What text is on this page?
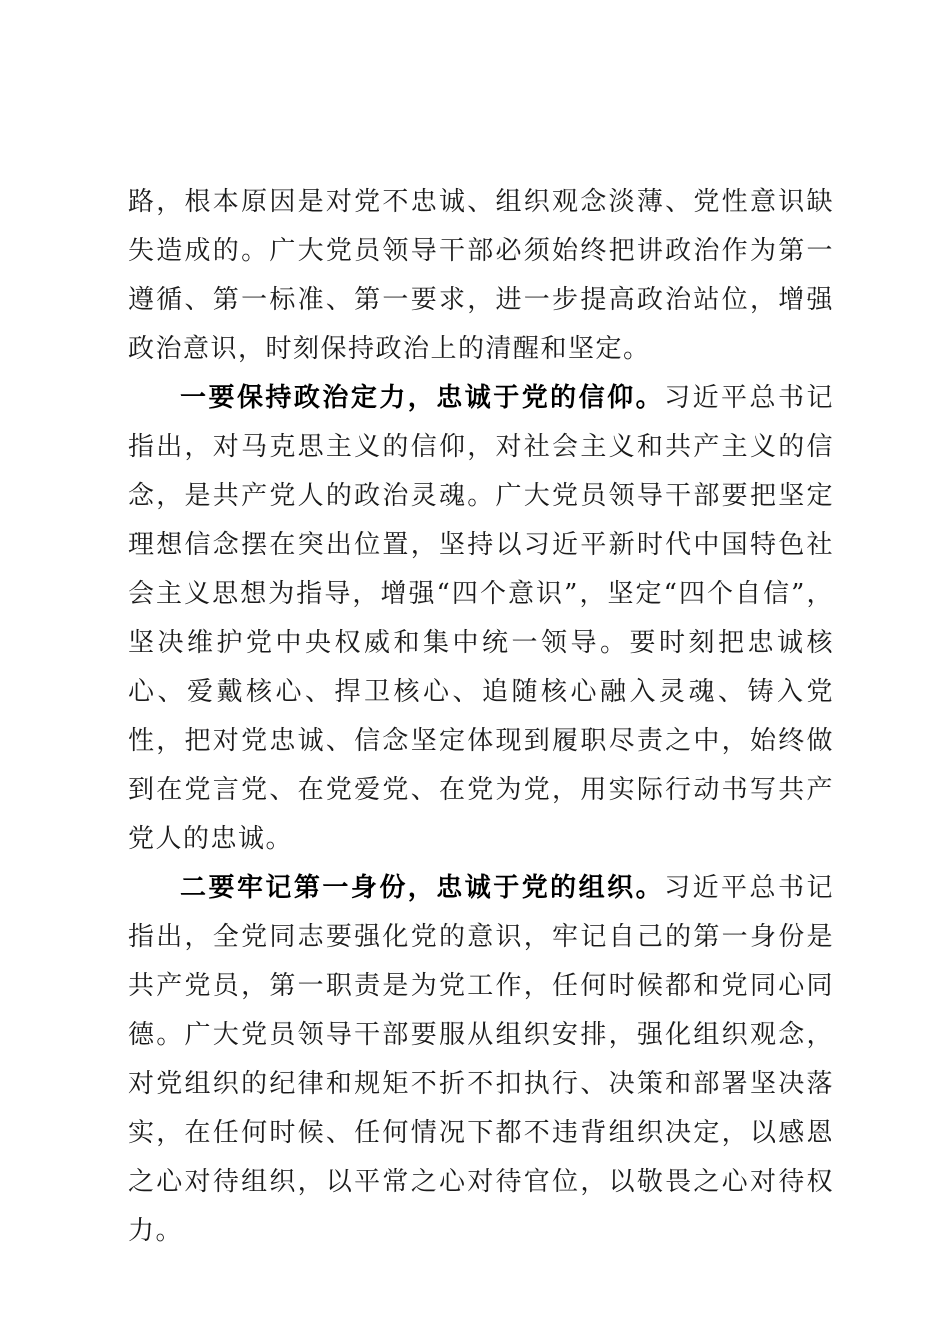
路，根本原因是对党不忠诚、组织观念淡薄、党性意识缺失造成的。广大党员领导干部必须始终把讲政治作为第一遵循、第一标准、第一要求，进一步提高政治站位，增强政治意识，时刻保持政治上的清醒和坚定。

一要保持政治定力，忠诚于党的信仰。习近平总书记指出，对马克思主义的信仰，对社会主义和共产主义的信念，是共产党人的政治灵魂。广大党员领导干部要把坚定理想信念摆在突出位置，坚持以习近平新时代中国特色社会主义思想为指导，增强“四个意识”，坚定“四个自信”，坚决维护党中央权威和集中统一领导。要时刻把忠诚核心、爱戴核心、捍卫核心、追随核心融入灵魂、铸入党性，把对党忠诚、信念坚定体现到履职尽责之中，始终做到在党言党、在党爱党、在党为党，用实际行动书写共产党人的忠诚。

二要牢记第一身份，忠诚于党的组织。习近平总书记指出，全党同志要强化党的意识，牢记自己的第一身份是共产党员，第一职责是为党工作，任何时候都和党同心同德。广大党员领导干部要服从组织安排，强化组织观念，对党组织的纪律和规矩不折不扣执行、决策和部署坚决落实，在任何时候、任何情况下都不违背组织决定，以感恩之心对待组织，以平常之心对待官位，以敬畏之心对待权力。
